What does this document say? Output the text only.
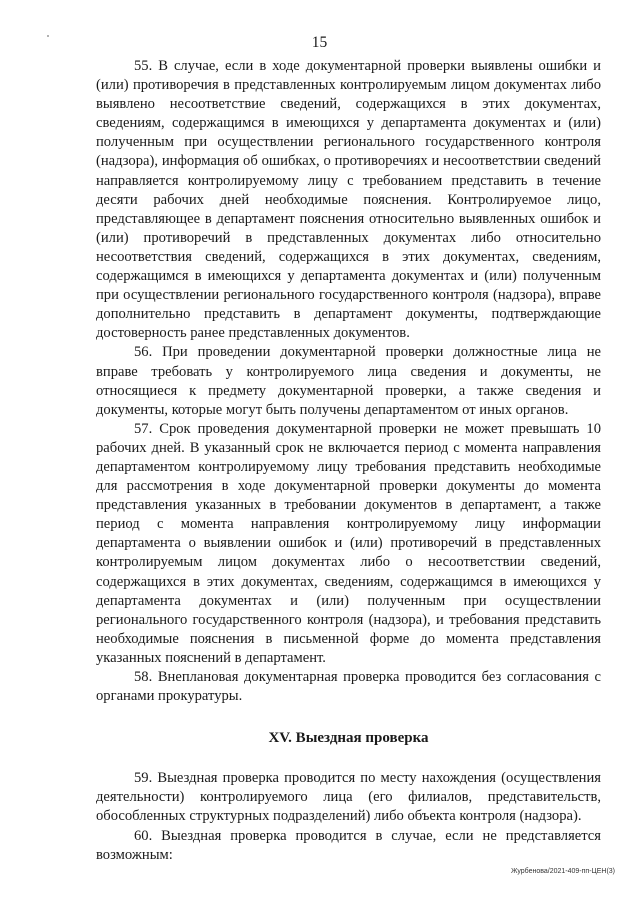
15

55. В случае, если в ходе документарной проверки выявлены ошибки и (или) противоречия в представленных контролируемым лицом документах либо выявлено несоответствие сведений, содержащихся в этих документах, сведениям, содержащимся в имеющихся у департамента документах и (или) полученным при осуществлении регионального государственного контроля (надзора), информация об ошибках, о противоречиях и несоответствии сведений направляется контролируемому лицу с требованием представить в течение десяти рабочих дней необходимые пояснения. Контролируемое лицо, представляющее в департамент пояснения относительно выявленных ошибок и (или) противоречий в представленных документах либо относительно несоответствия сведений, содержащихся в этих документах, сведениям, содержащимся в имеющихся у департамента документах и (или) полученным при осуществлении регионального государственного контроля (надзора), вправе дополнительно представить в департамент документы, подтверждающие достоверность ранее представленных документов.

56. При проведении документарной проверки должностные лица не вправе требовать у контролируемого лица сведения и документы, не относящиеся к предмету документарной проверки, а также сведения и документы, которые могут быть получены департаментом от иных органов.

57. Срок проведения документарной проверки не может превышать 10 рабочих дней. В указанный срок не включается период с момента направления департаментом контролируемому лицу требования представить необходимые для рассмотрения в ходе документарной проверки документы до момента представления указанных в требовании документов в департамент, а также период с момента направления контролируемому лицу информации департамента о выявлении ошибок и (или) противоречий в представленных контролируемым лицом документах либо о несоответствии сведений, содержащихся в этих документах, сведениям, содержащимся в имеющихся у департамента документах и (или) полученным при осуществлении регионального государственного контроля (надзора), и требования представить необходимые пояснения в письменной форме до момента представления указанных пояснений в департамент.

58. Внеплановая документарная проверка проводится без согласования с органами прокуратуры.

XV. Выездная проверка

59. Выездная проверка проводится по месту нахождения (осуществления деятельности) контролируемого лица (его филиалов, представительств, обособленных структурных подразделений) либо объекта контроля (надзора).

60. Выездная проверка проводится в случае, если не представляется возможным:

Журбенова/2021-409-пп-ЦЕН(3)
